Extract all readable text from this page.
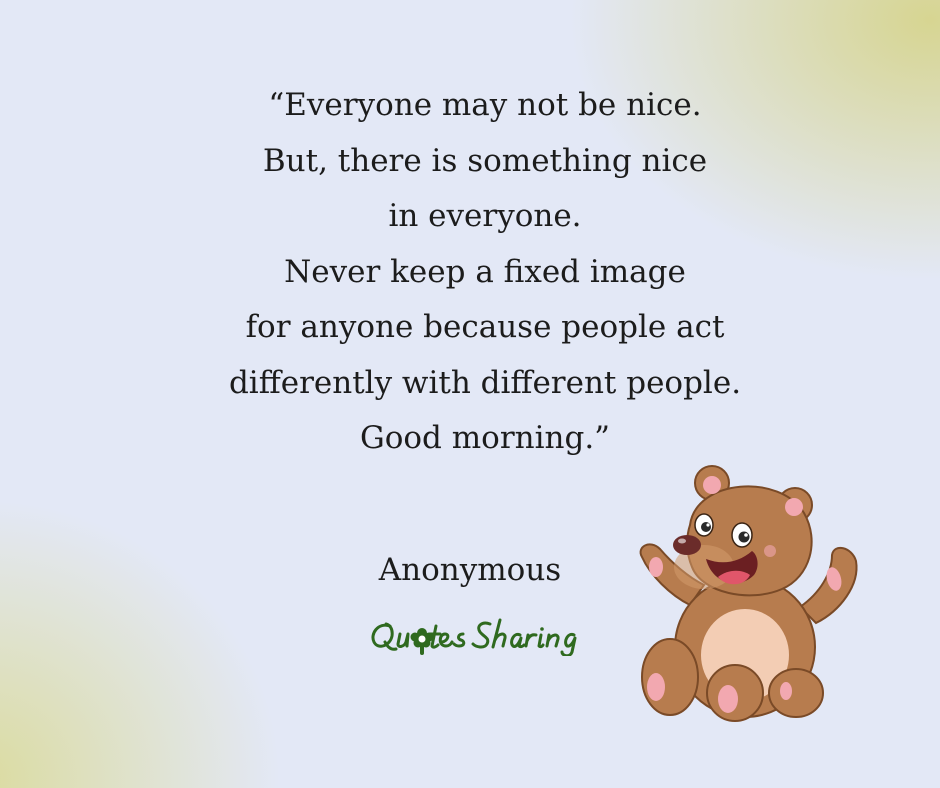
“Everyone may not be nice.
But, there is something nice
in everyone.
Never keep a fixed image
for anyone because people act
differently with different people.
Good morning.”
Anonymous
